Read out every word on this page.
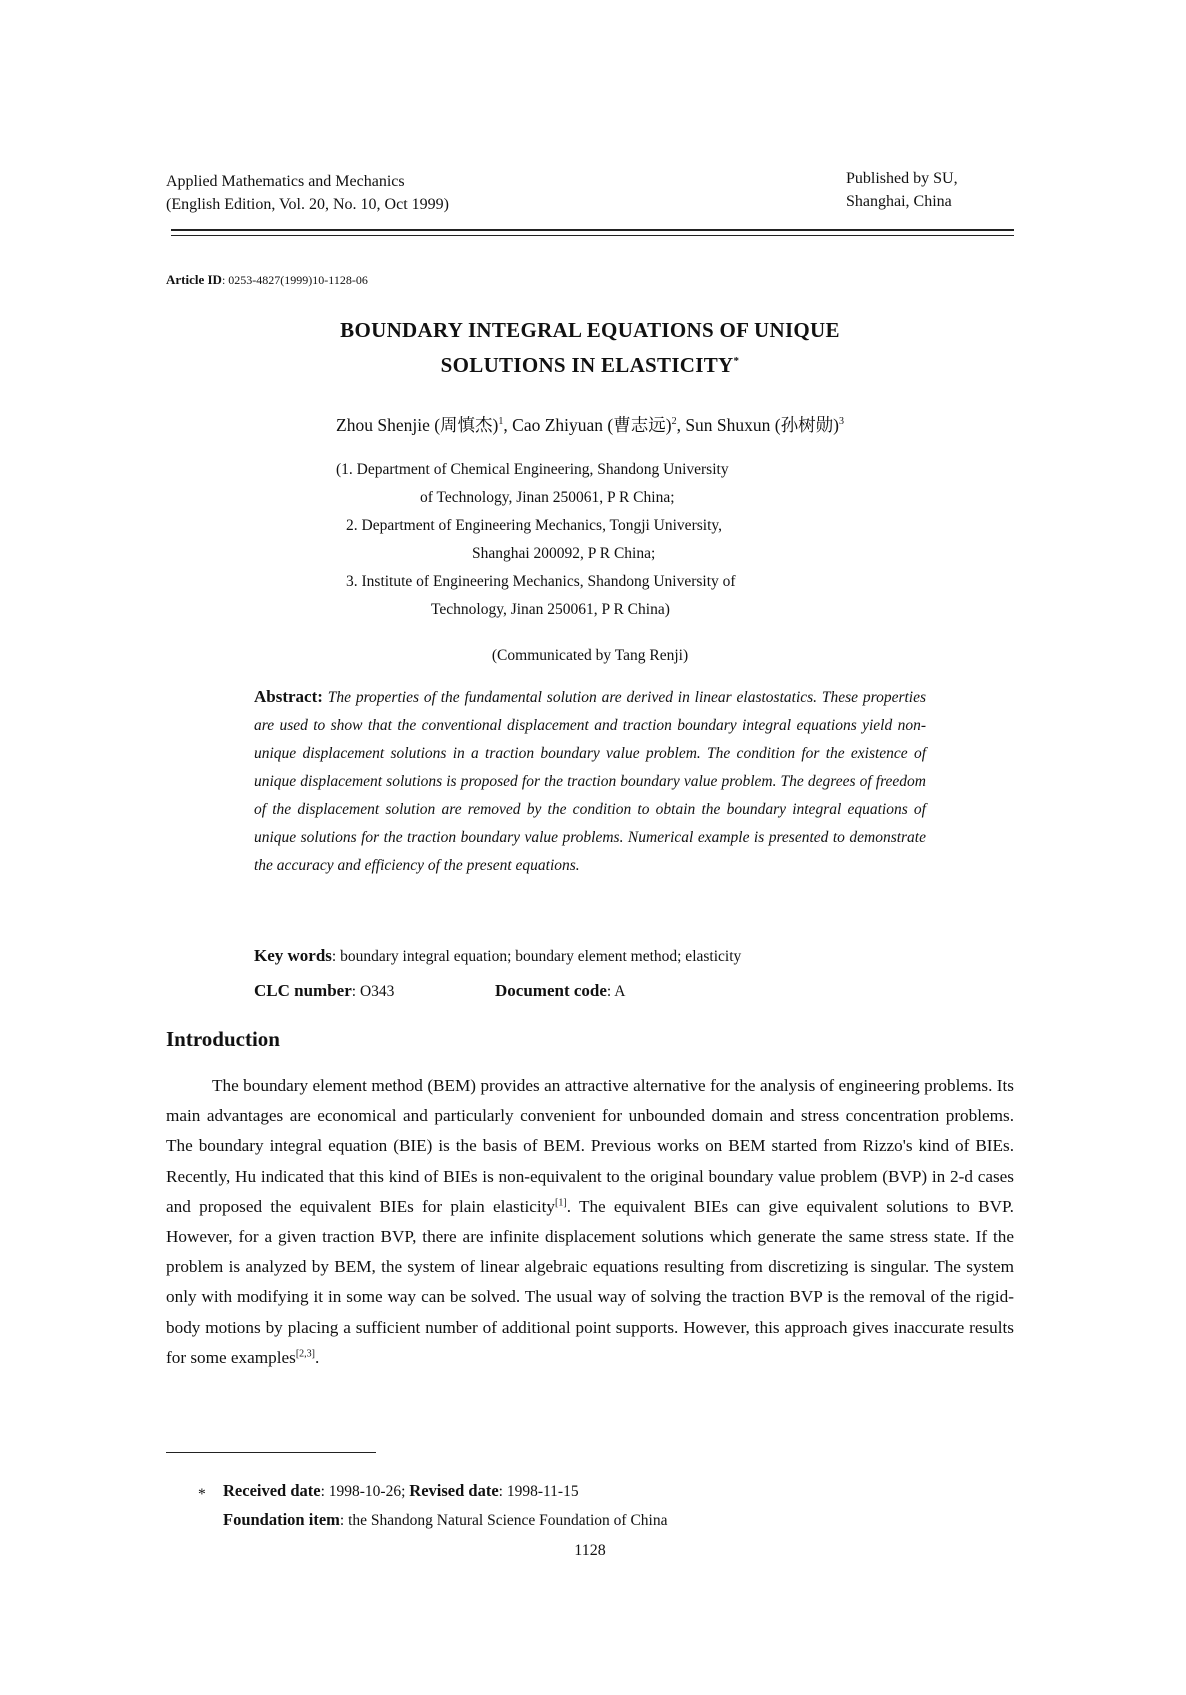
Applied Mathematics and Mechanics
(English Edition, Vol. 20, No. 10, Oct 1999)
Published by SU,
Shanghai, China
Article ID: 0253-4827(1999)10-1128-06
BOUNDARY INTEGRAL EQUATIONS OF UNIQUE
SOLUTIONS IN ELASTICITY*
Zhou Shenjie (周慎杰)$^1$, Cao Zhiyuan (曹志远)$^2$, Sun Shuxun (孙树勋)$^3$
(1. Department of Chemical Engineering, Shandong University
of Technology, Jinan 250061, P R China;
2. Department of Engineering Mechanics, Tongji University,
Shanghai 200092, P R China;
3. Institute of Engineering Mechanics, Shandong University of
Technology, Jinan 250061, P R China)
(Communicated by Tang Renji)
Abstract: The properties of the fundamental solution are derived in linear elastostatics. These properties are used to show that the conventional displacement and traction boundary integral equations yield non-unique displacement solutions in a traction boundary value problem. The condition for the existence of unique displacement solutions is proposed for the traction boundary value problem. The degrees of freedom of the displacement solution are removed by the condition to obtain the boundary integral equations of unique solutions for the traction boundary value problems. Numerical example is presented to demonstrate the accuracy and efficiency of the present equations.
Key words: boundary integral equation; boundary element method; elasticity
CLC number: O343	Document code: A
Introduction
The boundary element method (BEM) provides an attractive alternative for the analysis of engineering problems. Its main advantages are economical and particularly convenient for unbounded domain and stress concentration problems. The boundary integral equation (BIE) is the basis of BEM. Previous works on BEM started from Rizzo's kind of BIEs. Recently, Hu indicated that this kind of BIEs is non-equivalent to the original boundary value problem (BVP) in 2-d cases and proposed the equivalent BIEs for plain elasticity[1]. The equivalent BIEs can give equivalent solutions to BVP. However, for a given traction BVP, there are infinite displacement solutions which generate the same stress state. If the problem is analyzed by BEM, the system of linear algebraic equations resulting from discretizing is singular. The system only with modifying it in some way can be solved. The usual way of solving the traction BVP is the removal of the rigid-body motions by placing a sufficient number of additional point supports. However, this approach gives inaccurate results for some examples[2,3].
* Received date: 1998-10-26; Revised date: 1998-11-15
Foundation item: the Shandong Natural Science Foundation of China
1128
